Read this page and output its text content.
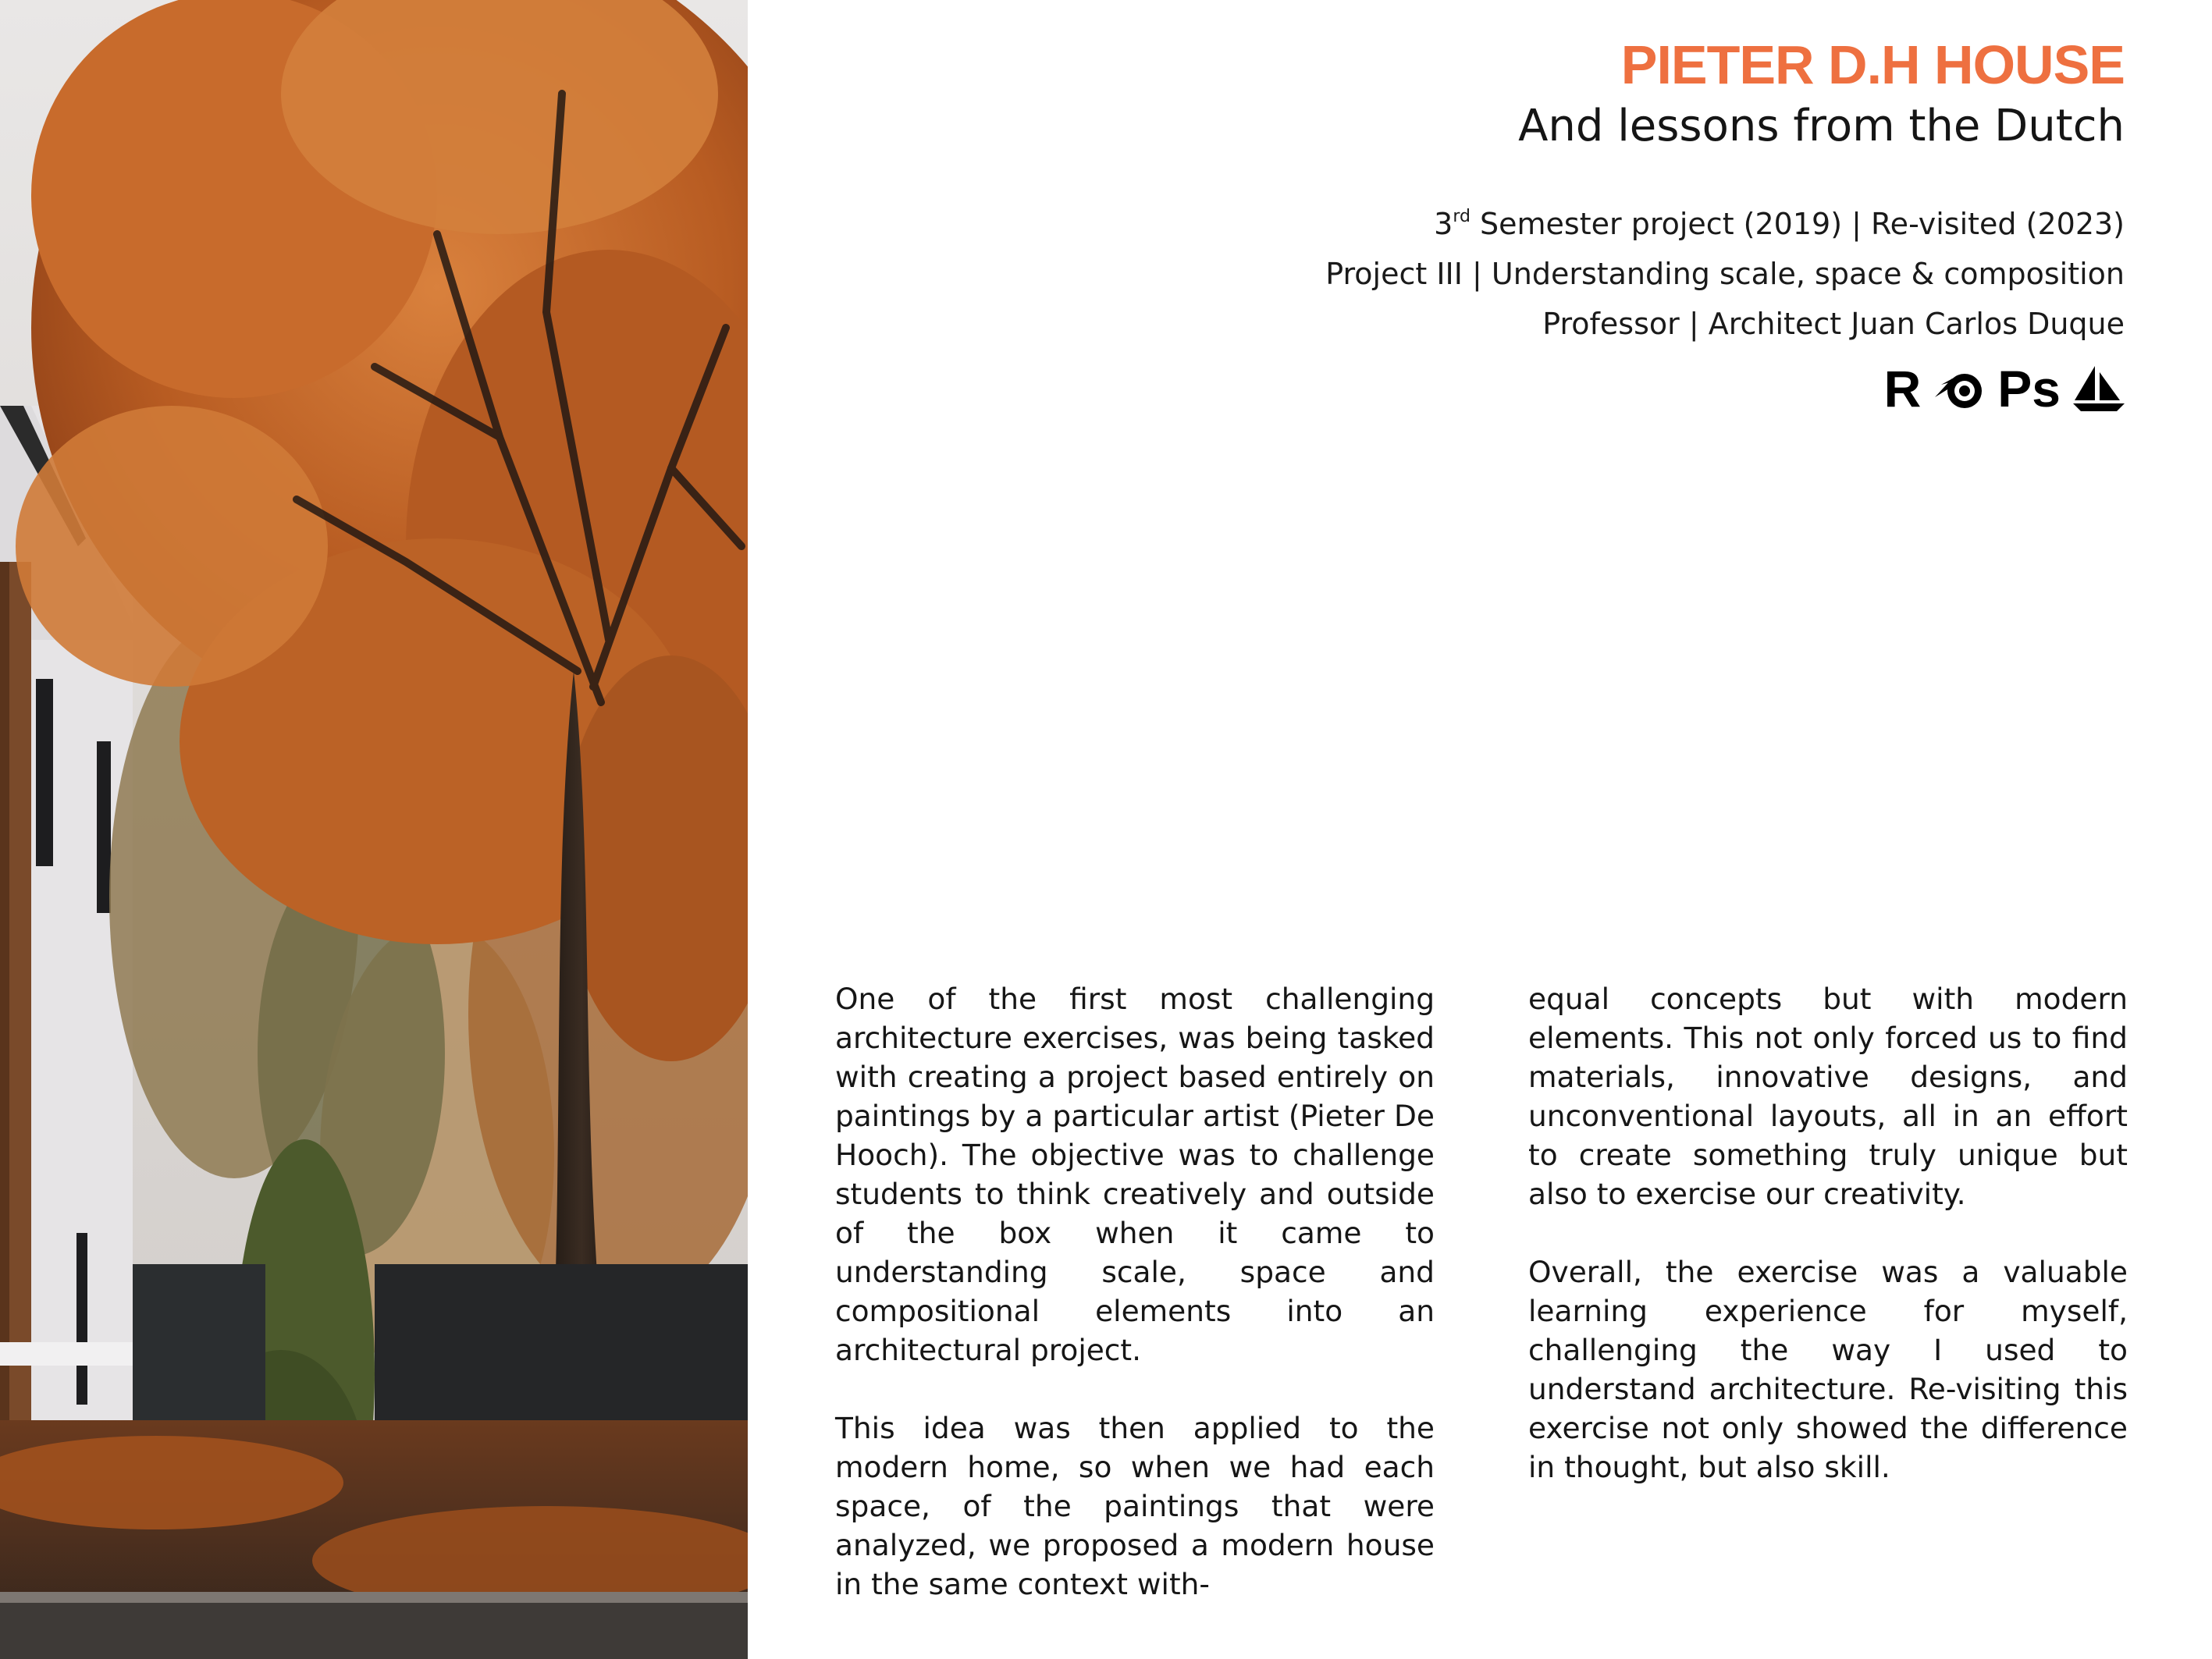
PIETER D.H HOUSE
And lessons from the Dutch
3rd Semester project (2019) | Re-visited (2023)
Project III | Understanding scale, space & composition
Professor | Architect Juan Carlos Duque
R Ps

One of the first most challenging architecture exercises, was being tasked with creating a project based entirely on paintings by a particular artist (Pieter De Hooch). The objective was to challenge students to think creatively and outside of the box when it came to understanding scale, space and compositional elements into an architectural project.

This idea was then applied to the modern home, so when we had each space, of the paintings that were analyzed, we proposed a modern house in the same context with-

equal concepts but with modern elements. This not only forced us to find materials, innovative designs, and unconventional layouts, all in an effort to create something truly unique but also to exercise our creativity.

Overall, the exercise was a valuable learning experience for myself, challenging the way I used to understand architecture. Re-visiting this exercise not only showed the difference in thought, but also skill.
